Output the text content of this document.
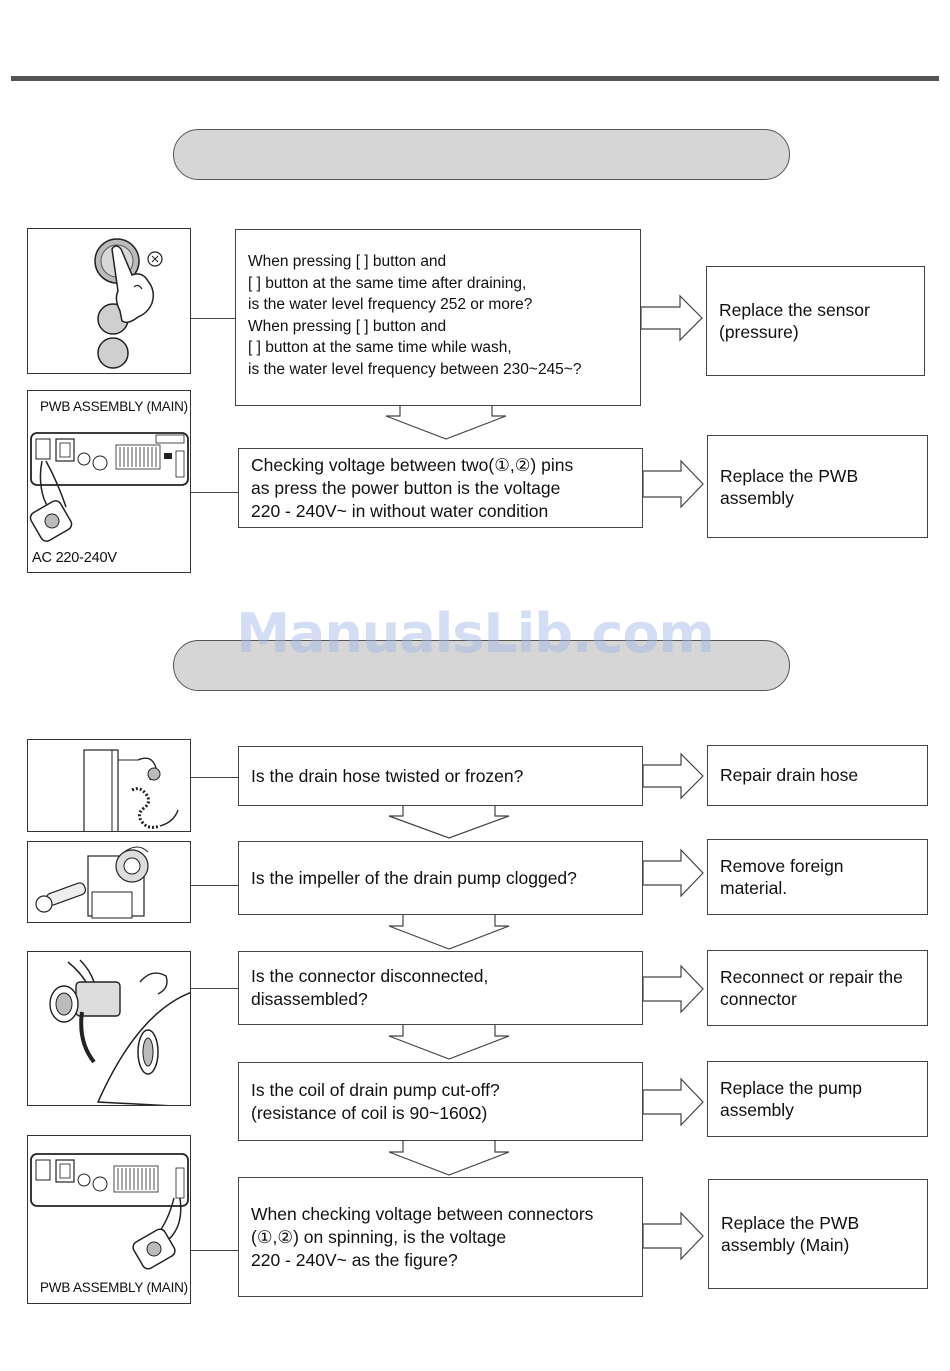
ManualsLib.com
PWB ASSEMBLY (MAIN)
AC 220-240V
When pressing [ ] button and
[ ] button at the same time after draining,
is the water level frequency 252 or more?
When pressing [ ] button and
[ ] button at the same time while wash,
is the water level frequency between 230~245~?
Checking voltage between two(①,②) pins
as press the power button is the voltage
220 - 240V~ in without water condition
Replace the sensor
(pressure)
Replace the PWB
assembly
PWB ASSEMBLY (MAIN)
Is the drain hose twisted or frozen?
Is the impeller of the drain pump clogged?
Is the connector disconnected,
disassembled?
Is the coil of drain pump cut-off?
(resistance of coil is 90~160Ω)
When checking voltage between connectors
(①,②) on spinning, is the voltage
220 - 240V~ as the figure?
Repair drain hose
Remove foreign
material.
Reconnect or repair the
connector
Replace the pump
assembly
Replace the PWB
assembly (Main)
